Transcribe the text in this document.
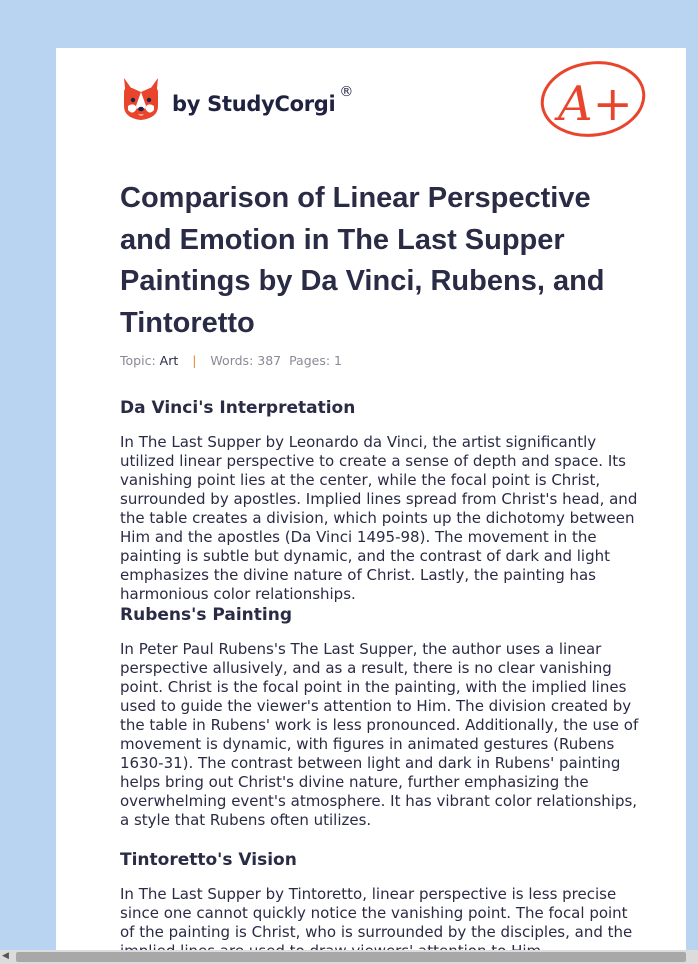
by StudyCorgi ®	A+
Comparison of Linear Perspective and Emotion in The Last Supper Paintings by Da Vinci, Rubens, and Tintoretto
Topic: Art | Words: 387 Pages: 1
Da Vinci's Interpretation

In The Last Supper by Leonardo da Vinci, the artist significantly utilized linear perspective to create a sense of depth and space. Its vanishing point lies at the center, while the focal point is Christ, surrounded by apostles. Implied lines spread from Christ's head, and the table creates a division, which points up the dichotomy between Him and the apostles (Da Vinci 1495-98). The movement in the painting is subtle but dynamic, and the contrast of dark and light emphasizes the divine nature of Christ. Lastly, the painting has harmonious color relationships.

Rubens's Painting

In Peter Paul Rubens's The Last Supper, the author uses a linear perspective allusively, and as a result, there is no clear vanishing point. Christ is the focal point in the painting, with the implied lines used to guide the viewer's attention to Him. The division created by the table in Rubens' work is less pronounced. Additionally, the use of movement is dynamic, with figures in animated gestures (Rubens 1630-31). The contrast between light and dark in Rubens' painting helps bring out Christ's divine nature, further emphasizing the overwhelming event's atmosphere. It has vibrant color relationships, a style that Rubens often utilizes.

Tintoretto's Vision

In The Last Supper by Tintoretto, linear perspective is less precise since one cannot quickly notice the vanishing point. The focal point of the painting is Christ, who is surrounded by the disciples, and the

◀
